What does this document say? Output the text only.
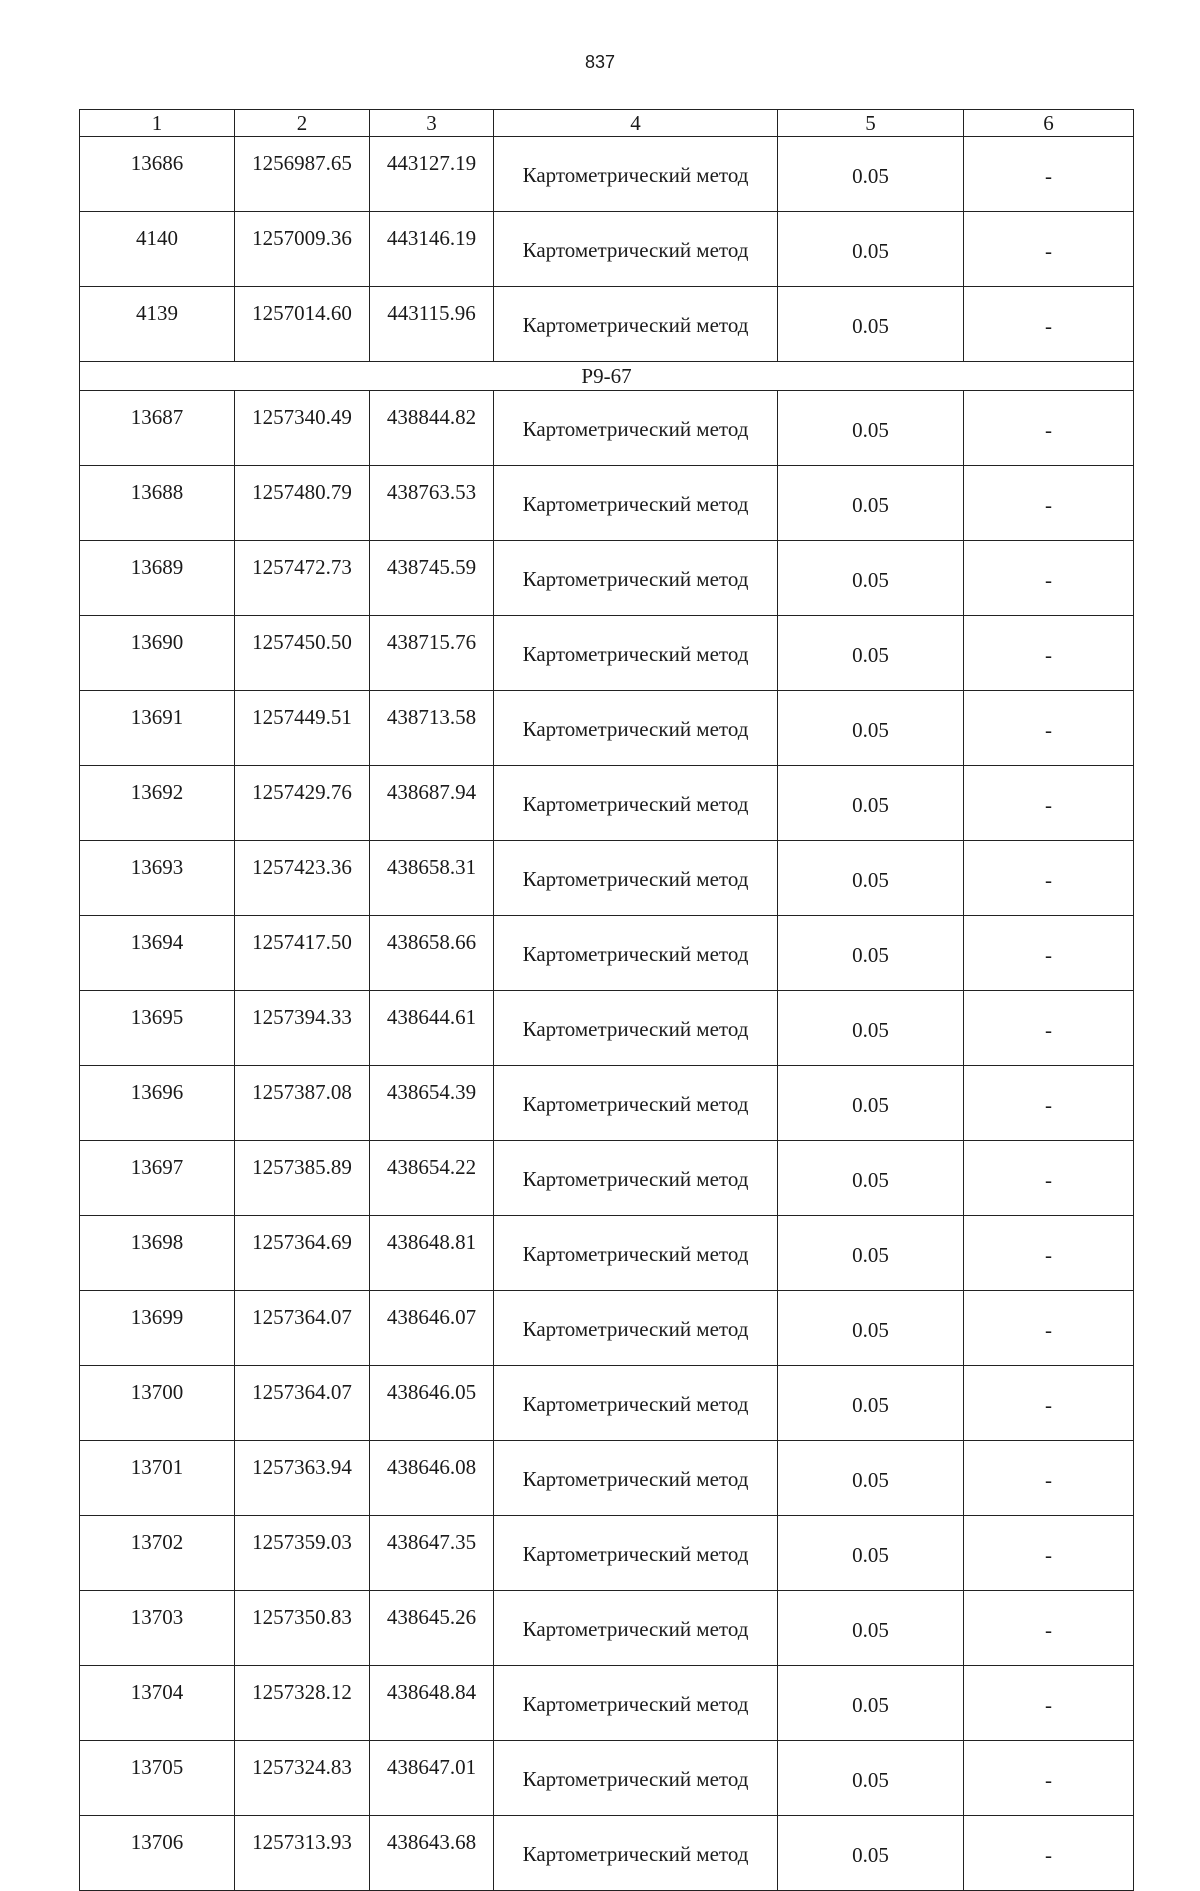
837
1	2	3	4	5	6
13686	1256987.65	443127.19	Картометрический метод	0.05	-
4140	1257009.36	443146.19	Картометрический метод	0.05	-
4139	1257014.60	443115.96	Картометрический метод	0.05	-
Р9-67					
13687	1257340.49	438844.82	Картометрический метод	0.05	-
13688	1257480.79	438763.53	Картометрический метод	0.05	-
13689	1257472.73	438745.59	Картометрический метод	0.05	-
13690	1257450.50	438715.76	Картометрический метод	0.05	-
13691	1257449.51	438713.58	Картометрический метод	0.05	-
13692	1257429.76	438687.94	Картометрический метод	0.05	-
13693	1257423.36	438658.31	Картометрический метод	0.05	-
13694	1257417.50	438658.66	Картометрический метод	0.05	-
13695	1257394.33	438644.61	Картометрический метод	0.05	-
13696	1257387.08	438654.39	Картометрический метод	0.05	-
13697	1257385.89	438654.22	Картометрический метод	0.05	-
13698	1257364.69	438648.81	Картометрический метод	0.05	-
13699	1257364.07	438646.07	Картометрический метод	0.05	-
13700	1257364.07	438646.05	Картометрический метод	0.05	-
13701	1257363.94	438646.08	Картометрический метод	0.05	-
13702	1257359.03	438647.35	Картометрический метод	0.05	-
13703	1257350.83	438645.26	Картометрический метод	0.05	-
13704	1257328.12	438648.84	Картометрический метод	0.05	-
13705	1257324.83	438647.01	Картометрический метод	0.05	-
13706	1257313.93	438643.68	Картометрический метод	0.05	-
